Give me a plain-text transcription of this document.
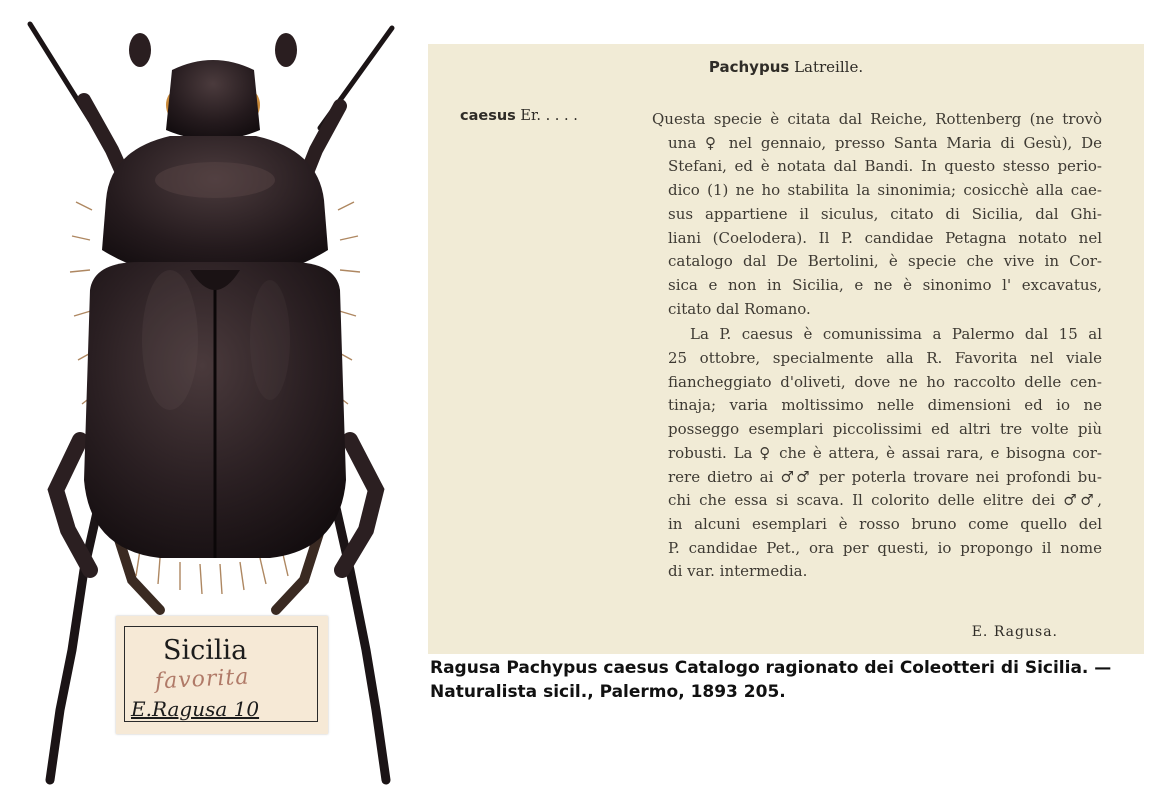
Sicilia
favorita
E.Ragusa 10
Pachypus Latreille.
caesus Er. . . . .	Questa specie è citata dal Reiche, Rottenberg (ne trovò
una ♀ nel gennaio, presso Santa Maria di Gesù), De
Stefani, ed è notata dal Bandi. In questo stesso perio-
dico (1) ne ho stabilita la sinonimia; cosicchè alla cae-
sus appartiene il siculus, citato di Sicilia, dal Ghi-
liani (Coelodera). Il P. candidae Petagna notato nel
catalogo dal De Bertolini, è specie che vive in Cor-
sica e non in Sicilia, e ne è sinonimo l' excavatus,
citato dal Romano.
La P. caesus è comunissima a Palermo dal 15 al
25 ottobre, specialmente alla R. Favorita nel viale
fiancheggiato d'oliveti, dove ne ho raccolto delle cen-
tinaja; varia moltissimo nelle dimensioni ed io ne
posseggo esemplari piccolissimi ed altri tre volte più
robusti. La ♀ che è attera, è assai rara, e bisogna cor-
rere dietro ai ♂♂ per poterla trovare nei profondi bu-
chi che essa si scava. Il colorito delle elitre dei ♂♂,
in alcuni esemplari è rosso bruno come quello del
P. candidae Pet., ora per questi, io propongo il nome
di var. intermedia.
E. Ragusa.
Ragusa Pachypus caesus Catalogo ragionato dei Coleotteri di Sicilia. — Naturalista sicil., Palermo, 1893 205.
